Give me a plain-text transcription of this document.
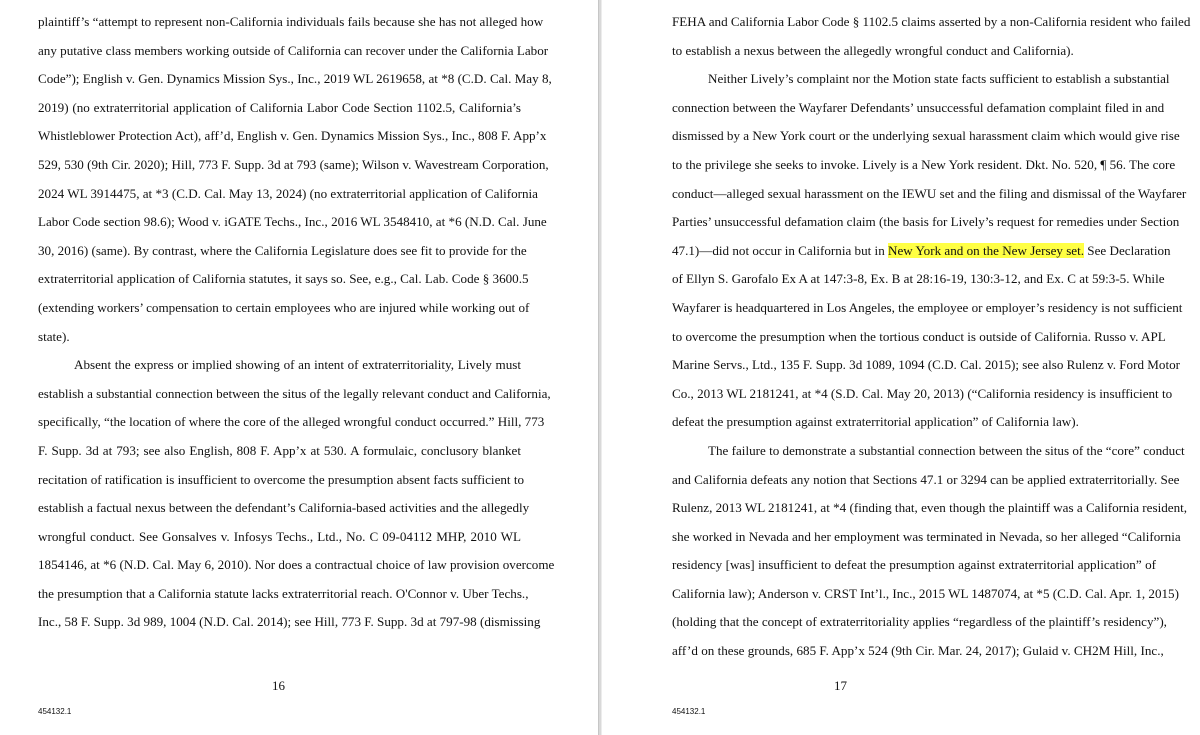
plaintiff’s “attempt to represent non-California individuals fails because she has not alleged how
any putative class members working outside of California can recover under the California Labor
Code”); English v. Gen. Dynamics Mission Sys., Inc., 2019 WL 2619658, at *8 (C.D. Cal. May 8,
2019) (no extraterritorial application of California Labor Code Section 1102.5, California’s
Whistleblower Protection Act), aff’d, English v. Gen. Dynamics Mission Sys., Inc., 808 F. App’x
529, 530 (9th Cir. 2020); Hill, 773 F. Supp. 3d at 793 (same); Wilson v. Wavestream Corporation,
2024 WL 3914475, at *3 (C.D. Cal. May 13, 2024) (no extraterritorial application of California
Labor Code section 98.6); Wood v. iGATE Techs., Inc., 2016 WL 3548410, at *6 (N.D. Cal. June
30, 2016) (same). By contrast, where the California Legislature does see fit to provide for the
extraterritorial application of California statutes, it says so. See, e.g., Cal. Lab. Code § 3600.5
(extending workers’ compensation to certain employees who are injured while working out of
state).
Absent the express or implied showing of an intent of extraterritoriality, Lively must
establish a substantial connection between the situs of the legally relevant conduct and California,
specifically, “the location of where the core of the alleged wrongful conduct occurred.” Hill, 773
F. Supp. 3d at 793; see also English, 808 F. App’x at 530. A formulaic, conclusory blanket
recitation of ratification is insufficient to overcome the presumption absent facts sufficient to
establish a factual nexus between the defendant’s California-based activities and the allegedly
wrongful conduct. See Gonsalves v. Infosys Techs., Ltd., No. C 09-04112 MHP, 2010 WL
1854146, at *6 (N.D. Cal. May 6, 2010). Nor does a contractual choice of law provision overcome
the presumption that a California statute lacks extraterritorial reach. O'Connor v. Uber Techs.,
Inc., 58 F. Supp. 3d 989, 1004 (N.D. Cal. 2014); see Hill, 773 F. Supp. 3d at 797-98 (dismissing
16
454132.1
FEHA and California Labor Code § 1102.5 claims asserted by a non-California resident who failed
to establish a nexus between the allegedly wrongful conduct and California).
Neither Lively’s complaint nor the Motion state facts sufficient to establish a substantial
connection between the Wayfarer Defendants’ unsuccessful defamation complaint filed in and
dismissed by a New York court or the underlying sexual harassment claim which would give rise
to the privilege she seeks to invoke. Lively is a New York resident. Dkt. No. 520, ¶ 56. The core
conduct—alleged sexual harassment on the IEWU set and the filing and dismissal of the Wayfarer
Parties’ unsuccessful defamation claim (the basis for Lively’s request for remedies under Section
47.1)—did not occur in California but in New York and on the New Jersey set. See Declaration
of Ellyn S. Garofalo Ex A at 147:3-8, Ex. B at 28:16-19, 130:3-12, and Ex. C at 59:3-5. While
Wayfarer is headquartered in Los Angeles, the employee or employer’s residency is not sufficient
to overcome the presumption when the tortious conduct is outside of California. Russo v. APL
Marine Servs., Ltd., 135 F. Supp. 3d 1089, 1094 (C.D. Cal. 2015); see also Rulenz v. Ford Motor
Co., 2013 WL 2181241, at *4 (S.D. Cal. May 20, 2013) (“California residency is insufficient to
defeat the presumption against extraterritorial application” of California law).
The failure to demonstrate a substantial connection between the situs of the “core” conduct
and California defeats any notion that Sections 47.1 or 3294 can be applied extraterritorially. See
Rulenz, 2013 WL 2181241, at *4 (finding that, even though the plaintiff was a California resident,
she worked in Nevada and her employment was terminated in Nevada, so her alleged “California
residency [was] insufficient to defeat the presumption against extraterritorial application” of
California law); Anderson v. CRST Int’l., Inc., 2015 WL 1487074, at *5 (C.D. Cal. Apr. 1, 2015)
(holding that the concept of extraterritoriality applies “regardless of the plaintiff’s residency”),
aff’d on these grounds, 685 F. App’x 524 (9th Cir. Mar. 24, 2017); Gulaid v. CH2M Hill, Inc.,
17
454132.1
